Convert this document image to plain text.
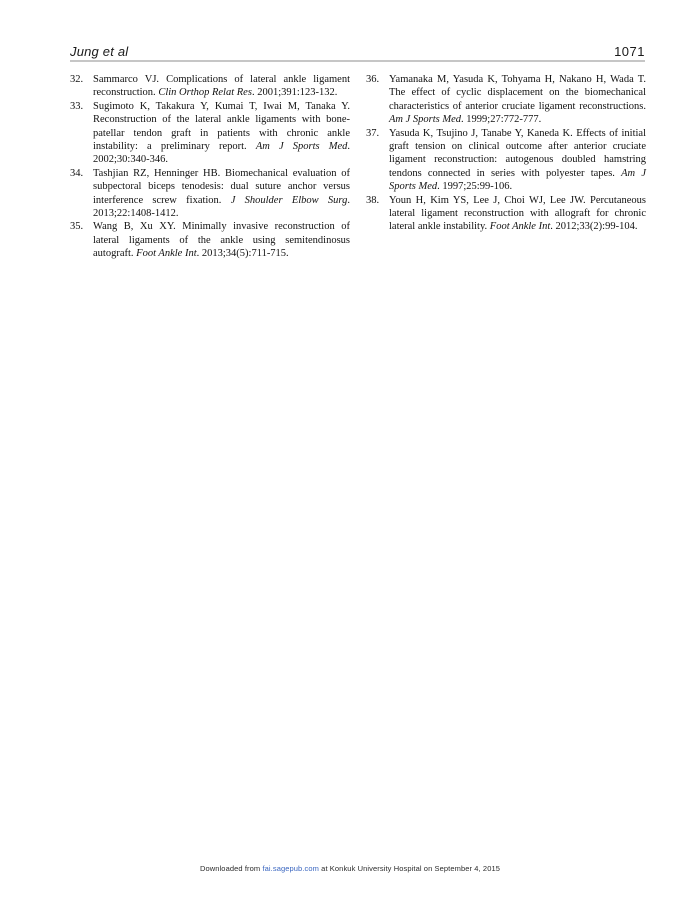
Jung et al	1071
32. Sammarco VJ. Complications of lateral ankle ligament reconstruction. Clin Orthop Relat Res. 2001;391:123-132.
33. Sugimoto K, Takakura Y, Kumai T, Iwai M, Tanaka Y. Reconstruction of the lateral ankle ligaments with bone-patellar tendon graft in patients with chronic ankle instability: a preliminary report. Am J Sports Med. 2002;30:340-346.
34. Tashjian RZ, Henninger HB. Biomechanical evaluation of subpectoral biceps tenodesis: dual suture anchor versus interference screw fixation. J Shoulder Elbow Surg. 2013;22:1408-1412.
35. Wang B, Xu XY. Minimally invasive reconstruction of lateral ligaments of the ankle using semitendinosus autograft. Foot Ankle Int. 2013;34(5):711-715.
36. Yamanaka M, Yasuda K, Tohyama H, Nakano H, Wada T. The effect of cyclic displacement on the biomechanical characteristics of anterior cruciate ligament reconstructions. Am J Sports Med. 1999;27:772-777.
37. Yasuda K, Tsujino J, Tanabe Y, Kaneda K. Effects of initial graft tension on clinical outcome after anterior cruciate ligament reconstruction: autogenous doubled hamstring tendons connected in series with polyester tapes. Am J Sports Med. 1997;25:99-106.
38. Youn H, Kim YS, Lee J, Choi WJ, Lee JW. Percutaneous lateral ligament reconstruction with allograft for chronic lateral ankle instability. Foot Ankle Int. 2012;33(2):99-104.
Downloaded from fai.sagepub.com at Konkuk University Hospital on September 4, 2015
